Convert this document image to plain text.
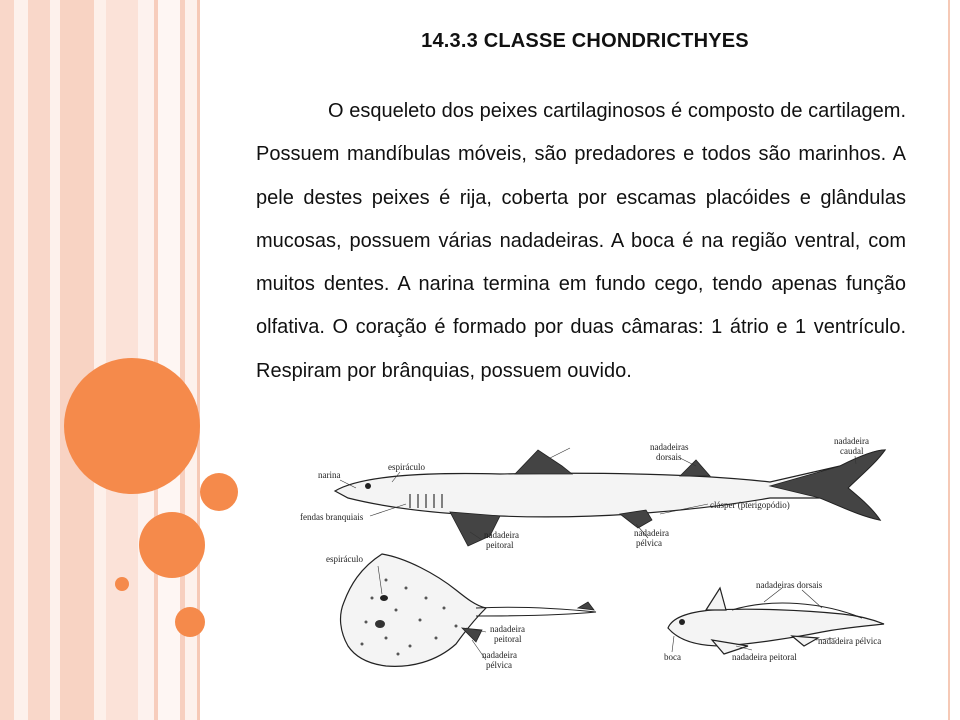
14.3.3 CLASSE CHONDRICTHYES

O esqueleto dos peixes cartilaginosos é composto de cartilagem. Possuem mandíbulas móveis, são predadores e todos são marinhos. A pele destes peixes é rija, coberta por escamas placóides e glândulas mucosas, possuem várias nadadeiras. A boca é na região ventral, com muitos dentes. A narina termina em fundo cego, tendo apenas função olfativa. O coração é formado por duas câmaras: 1 átrio e 1 ventrículo. Respiram por brânquias, possuem ouvido.

narina
espiráculo
fendas branquiais
nadadeiras
dorsais
nadadeira
caudal
clásper (pterigopódio)
nadadeira
peitoral
nadadeira
pélvica
espiráculo
nadadeira
peitoral
nadadeira
pélvica
nadadeiras dorsais
nadadeira pélvica
boca	nadadeira peitoral
